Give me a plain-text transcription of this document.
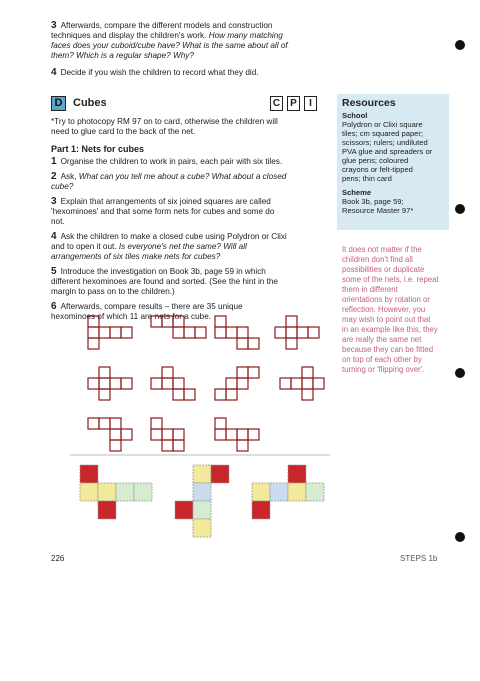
3 Afterwards, compare the different models and construction
techniques and display the children's work. How many matching
faces does your cuboid/cube have? What is the same about all of
them? Which is a regular shape? Why?
4 Decide if you wish the children to record what they did.
D Cubes	C	P	I
*Try to photocopy RM 97 on to card, otherwise the children will
need to glue card to the back of the net.
Part 1: Nets for cubes
1 Organise the children to work in pairs, each pair with six tiles.
2 Ask, What can you tell me about a cube? What about a closed
cube?
3 Explain that arrangements of six joined squares are called
'hexominoes' and that some form nets for cubes and some do
not.
4 Ask the children to make a closed cube using Polydron or Clixi
and to open it out. Is everyone's net the same? Will all
arrangements of six tiles make nets for cubes?
5 Introduce the investigation on Book 3b, page 59 in which
different hexominoes are found and sorted. (See the hint in the
margin to pass on to the children.)
6 Afterwards, compare results – there are 35 unique
hexominoes of which 11 are nets for a cube.
Resources
School
Polydron or Clixi square
tiles; cm squared paper;
scissors; rulers; undiluted
PVA glue and spreaders or
glue pens; coloured
crayons or felt-tipped
pens; thin card
Scheme
Book 3b, page 59;
Resource Master 97*
It does not matter if the
children don't find all
possibilities or duplicate
some of the nets, i.e. repeat
them in different
orientations by rotation or
reflection. However, you
may wish to point out that
in an example like this, they
are really the same net
because they can be fitted
on top of each other by
turning or 'flipping over'.
226	STEPS 1b
